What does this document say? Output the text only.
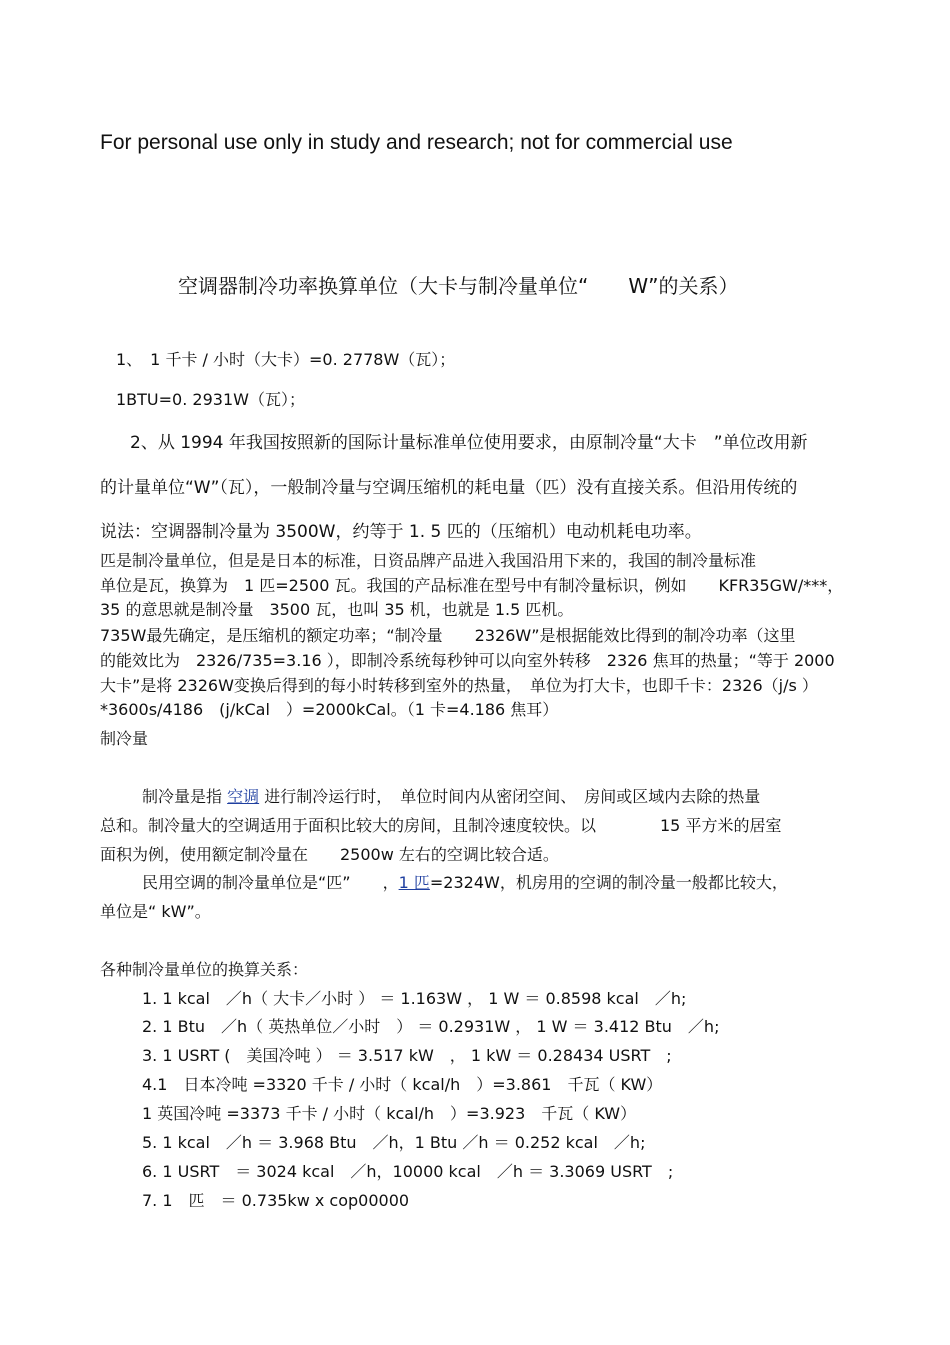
For personal use only in study and research; not for commercial use
空调器制冷功率换算单位（大卡与制冷量单位“　　W”的关系）
1、　1 千卡 / 小时（大卡）=0. 2778W（瓦）；
1BTU=0. 2931W（瓦）；
2、从 1994 年我国按照新的国际计量标准单位使用要求，由原制冷量“大卡　”单位改用新
的计量单位“W”（瓦），一般制冷量与空调压缩机的耗电量（匹）没有直接关系。但沿用传统的
说法：空调器制冷量为 3500W，约等于 1. 5 匹的（压缩机）电动机耗电功率。
匹是制冷量单位，但是是日本的标准，日资品牌产品进入我国沿用下来的，我国的制冷量标准
单位是瓦，换算为　1 匹=2500 瓦。我国的产品标准在型号中有制冷量标识，例如　　KFR35GW/***，
35 的意思就是制冷量　3500 瓦，也叫 35 机，也就是 1.5 匹机。
735W最先确定，是压缩机的额定功率；“制冷量　　2326W”是根据能效比得到的制冷功率（这里
的能效比为　2326/735=3.16 ），即制冷系统每秒钟可以向室外转移　2326 焦耳的热量；“等于 2000
大卡”是将 2326W变换后得到的每小时转移到室外的热量，　单位为打大卡，也即千卡：2326（j/s ）
*3600s/4186　(j/kCal　）=2000kCal。（1 卡=4.186 焦耳）
制冷量
制冷量是指 空调 进行制冷运行时，　单位时间内从密闭空间、　房间或区域内去除的热量
总和。制冷量大的空调适用于面积比较大的房间，且制冷速度较快。以　　　　15 平方米的居室
面积为例，使用额定制冷量在　　2500w 左右的空调比较合适。
民用空调的制冷量单位是“匹”　　，1 匹=2324W，机房用的空调的制冷量一般都比较大，
单位是“ kW”。
各种制冷量单位的换算关系：
1. 1 kcal　／h（ 大卡／小时 ） ＝ 1.163W ， 1 W ＝ 0.8598 kcal　／h;
2. 1 Btu　／h（ 英热单位／小时　） ＝ 0.2931W ， 1 W ＝ 3.412 Btu　／h;
3. 1 USRT (　美国冷吨 ） ＝ 3.517 kW　， 1 kW ＝ 0.28434 USRT　;
4.1　日本冷吨 =3320 千卡 / 小时（ kcal/h　）=3.861　千瓦（ KW）
1 英国冷吨 =3373 千卡 / 小时（ kcal/h　）=3.923　千瓦（ KW）
5. 1 kcal　／h ＝ 3.968 Btu　／h，1 Btu ／h ＝ 0.252 kcal　／h;
6. 1 USRT　＝ 3024 kcal　／h，10000 kcal　／h ＝ 3.3069 USRT　;
7. 1　匹　＝ 0.735kw x cop00000
